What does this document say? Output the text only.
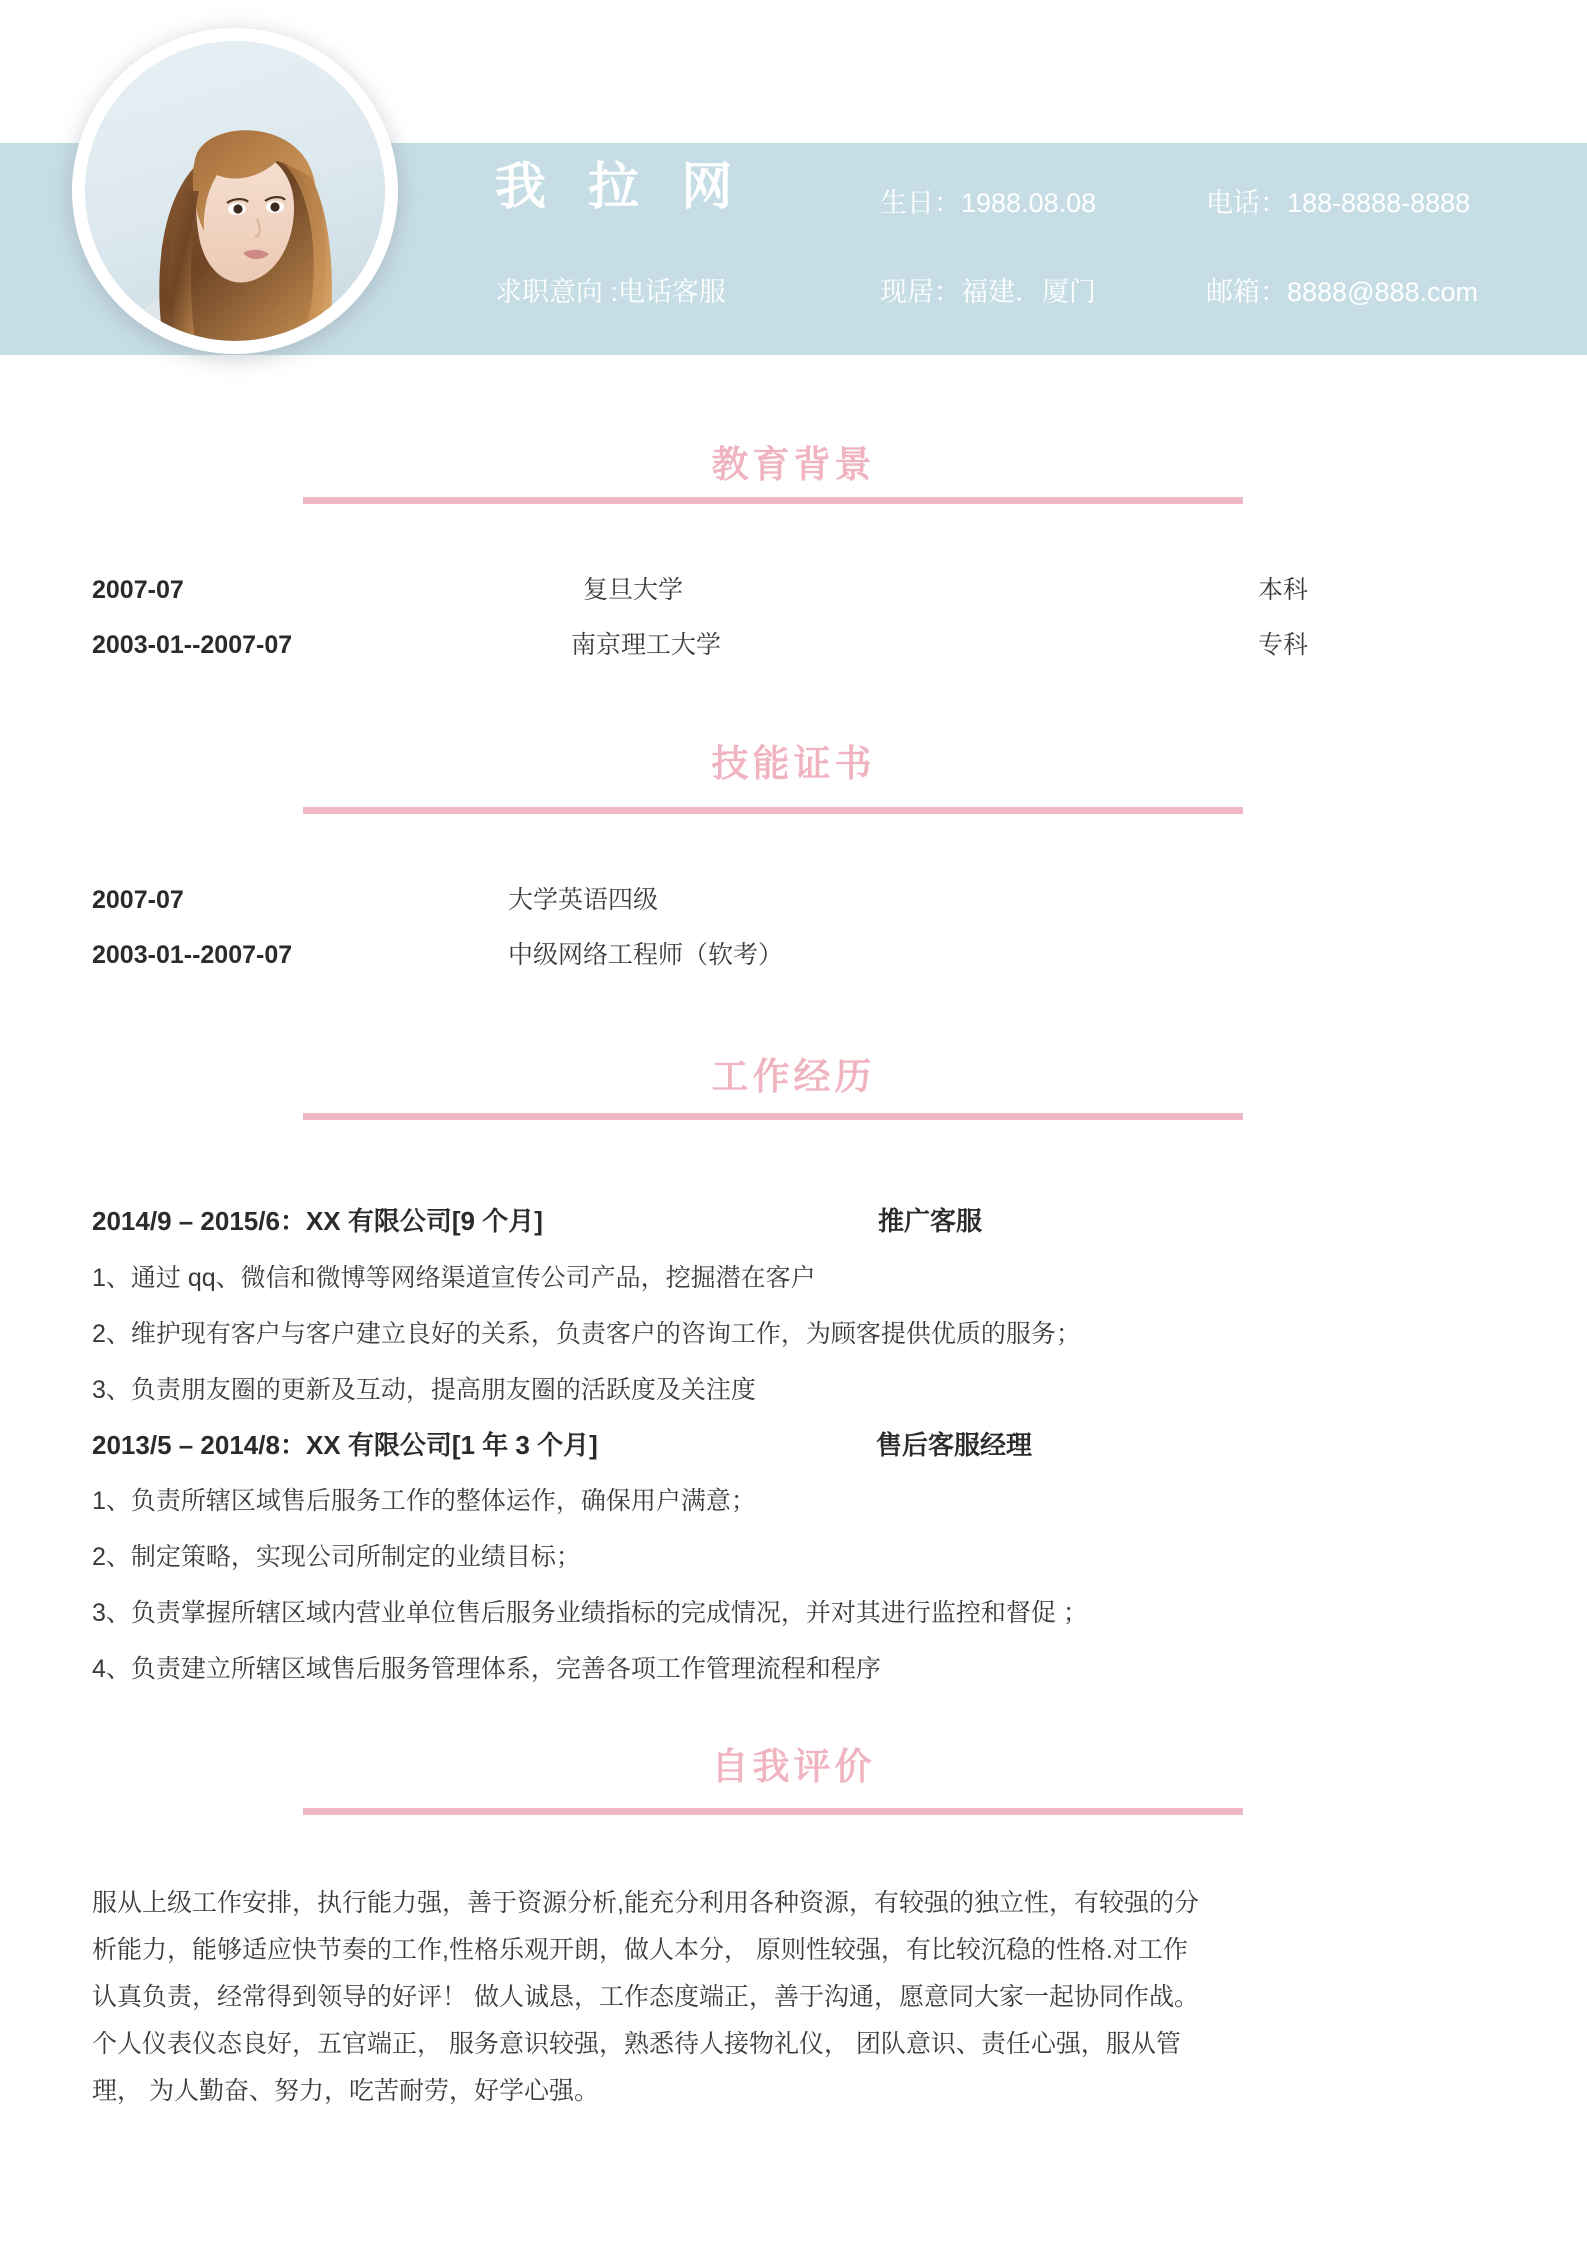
我 拉 网	生日：1988.08.08	电话：188-8888-8888
求职意向 :电话客服	现居：福建．厦门	邮箱：8888@888.com
教育背景
2007-07	复旦大学	本科
2003-01--2007-07	南京理工大学	专科
技能证书
2007-07	大学英语四级
2003-01--2007-07	中级网络工程师（软考）
工作经历
2014/9 – 2015/6：XX 有限公司[9 个月]	推广客服
1、通过 qq、微信和微博等网络渠道宣传公司产品，挖掘潜在客户
2、维护现有客户与客户建立良好的关系，负责客户的咨询工作，为顾客提供优质的服务；
3、负责朋友圈的更新及互动，提高朋友圈的活跃度及关注度
2013/5 – 2014/8：XX 有限公司[1 年 3 个月]	售后客服经理
1、负责所辖区域售后服务工作的整体运作，确保用户满意；
2、制定策略，实现公司所制定的业绩目标；
3、负责掌握所辖区域内营业单位售后服务业绩指标的完成情况，并对其进行监控和督促 ；
4、负责建立所辖区域售后服务管理体系，完善各项工作管理流程和程序
自我评价
服从上级工作安排，执行能力强，善于资源分析,能充分利用各种资源，有较强的独立性，有较强的分
析能力，能够适应快节奏的工作,性格乐观开朗，做人本分， 原则性较强，有比较沉稳的性格.对工作
认真负责，经常得到领导的好评！ 做人诚恳，工作态度端正，善于沟通，愿意同大家一起协同作战。
个人仪表仪态良好，五官端正， 服务意识较强，熟悉待人接物礼仪， 团队意识、责任心强，服从管
理， 为人勤奋、努力，吃苦耐劳，好学心强。
